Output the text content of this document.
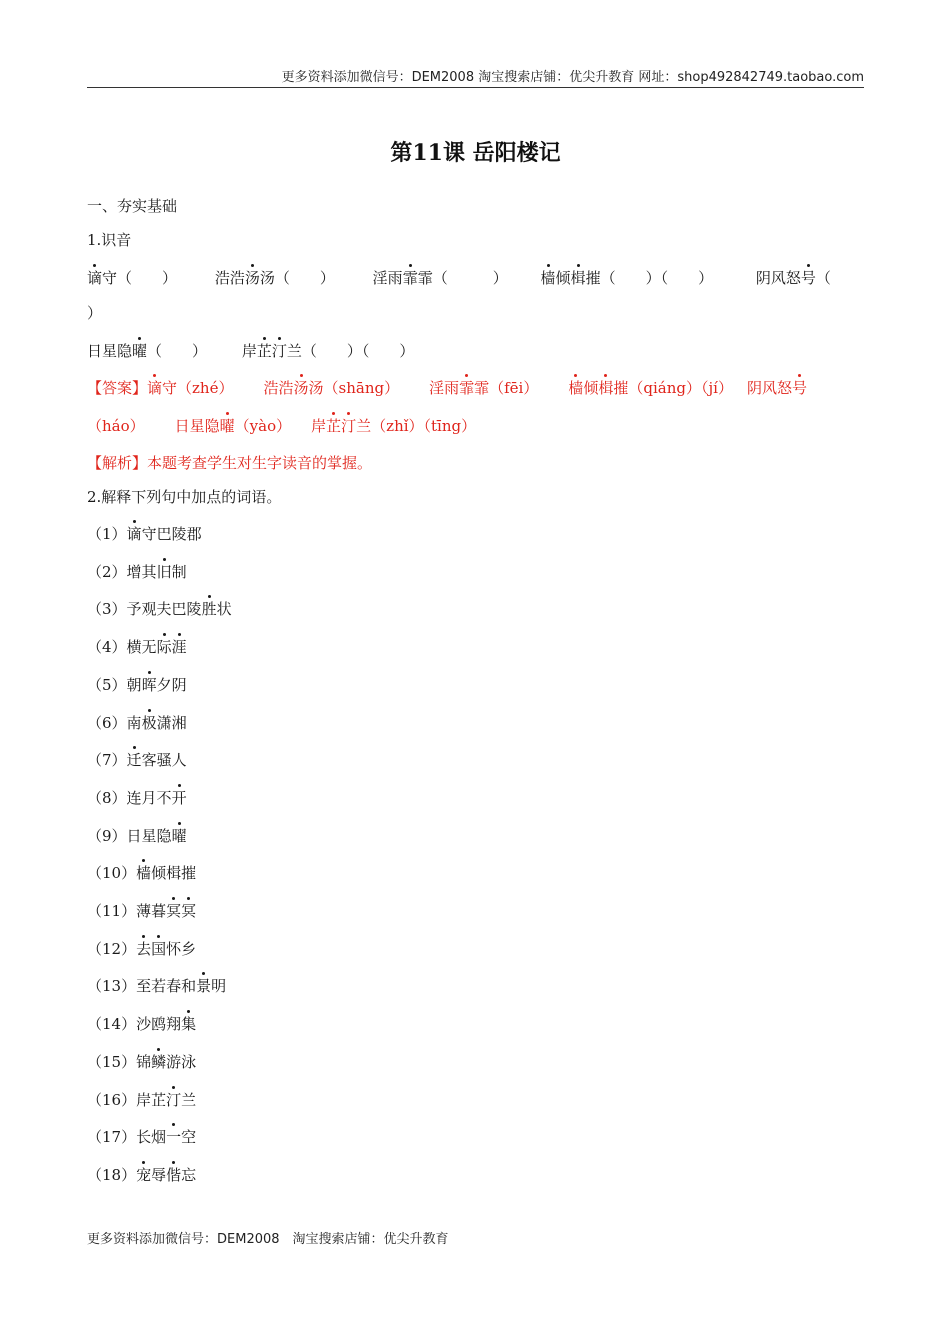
更多资料添加微信号：DEM2008 淘宝搜索店铺：优尖升教育 网址：shop492842749.taobao.com
第11课 岳阳楼记
一、夯实基础
1.识音
谪守（　　）	浩浩汤汤（　　）	淫雨霏霏（　　　） 樯倾楫摧（　　）（　　）	阴风怒号（
）
日星隐曜（　　） 岸芷汀兰（　　）（　　）
【答案】谪守（zhé） 浩浩汤汤（shāng） 淫雨霏霏（fēi） 樯倾楫摧（qiáng）（jí） 阴风怒号
（háo） 日星隐曜（yào） 岸芷汀兰（zhǐ）（tīng）
【解析】本题考查学生对生字读音的掌握。
2.解释下列句中加点的词语。
（1）谪守巴陵郡
（2）增其旧制
（3）予观夫巴陵胜状
（4）横无际涯
（5）朝晖夕阴
（6）南极潇湘
（7）迁客骚人
（8）连月不开
（9）日星隐曜
（10）樯倾楫摧
（11）薄暮冥冥
（12）去国怀乡
（13）至若春和景明
（14）沙鸥翔集
（15）锦鳞游泳
（16）岸芷汀兰
（17）长烟一空
（18）宠辱偕忘
更多资料添加微信号：DEM2008　淘宝搜索店铺：优尖升教育
